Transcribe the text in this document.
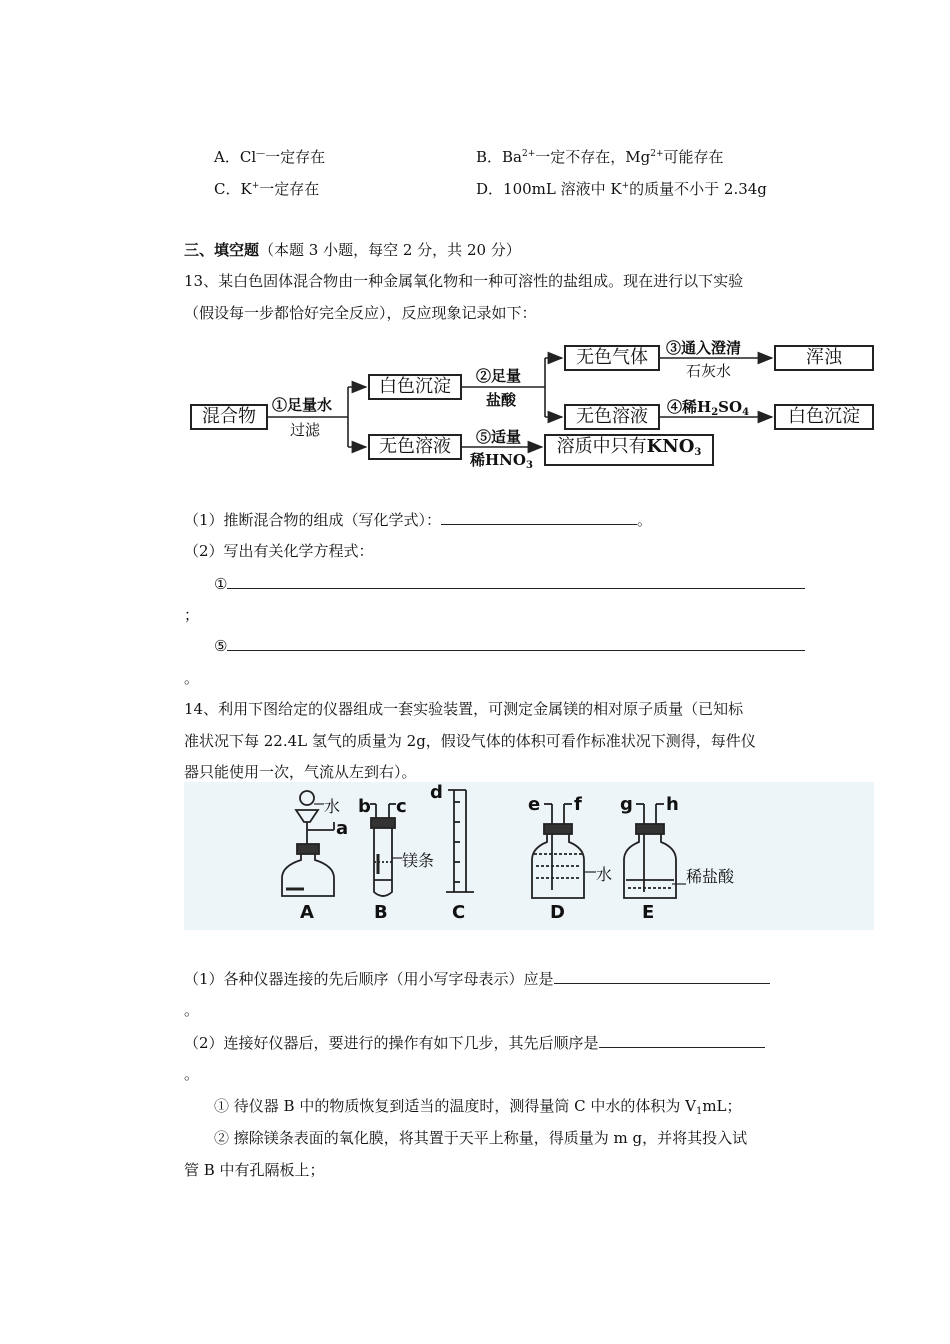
A．Cl—一定存在	B．$Ba^{2+}$一定不存在，$Mg^{2+}$可能存在
C．K+一定存在	D．100mL 溶液中 K+的质量不小于 2.34g
三、填空题（本题 3 小题，每空 2 分，共 20 分）
13、某白色固体混合物由一种金属氧化物和一种可溶性的盐组成。现在进行以下实验
（假设每一步都恰好完全反应），反应现象记录如下：
混合物
①足量水
过滤
白色沉淀	②足量
盐酸
无色气体	③通入澄清
石灰水
浑浊
无色溶液	④稀$H_2SO_4$	白色沉淀
无色溶液	⑤适量
稀$HNO_3$
溶质中只有$KNO_3$
（1）推断混合物的组成（写化学式）：	。
（2）写出有关化学方程式：
①
；
⑤
。
14、利用下图给定的仪器组成一套实验装置，可测定金属镁的相对原子质量（已知标
准状况下每 22.4L 氢气的质量为 2g，假设气体的体积可看作标准状况下测得，每件仪
器只能使用一次，气流从左到右）。
水
a
b c
镁条
d
e f
水
g h
稀盐酸
A	B	C	D	E
（1）各种仪器连接的先后顺序（用小写字母表示）应是
。
（2）连接好仪器后，要进行的操作有如下几步，其先后顺序是
。
① 待仪器 B 中的物质恢复到适当的温度时，测得量筒 C 中水的体积为 $V_1mL$；
② 擦除镁条表面的氧化膜，将其置于天平上称量，得质量为 m g，并将其投入试
管 B 中有孔隔板上；
